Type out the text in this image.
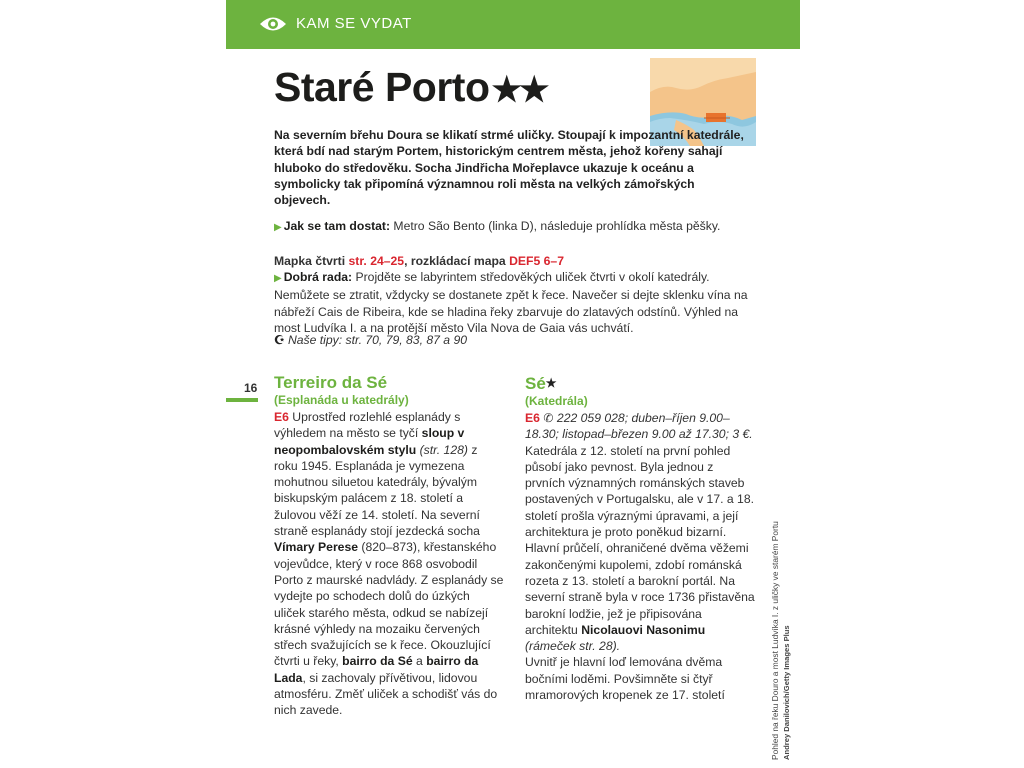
KAM SE VYDAT
Staré Porto★★
Na severním břehu Doura se klikatí strmé uličky. Stoupají k impozantní katedrále, která bdí nad starým Portem, historickým centrem města, jehož kořeny sahají hluboko do středověku. Socha Jindřicha Mořeplavce ukazuje k oceánu a symbolicky tak připomíná významnou roli města na velkých zámořských objevech.
▶ Jak se tam dostat: Metro São Bento (linka D), následuje prohlídka města pěšky.
Mapka čtvrti str. 24–25, rozkládací mapa DEF5 6–7
▶ Dobrá rada: Projděte se labyrintem středověkých uliček čtvrti v okolí katedrály. Nemůžete se ztratit, vždycky se dostanete zpět k řece. Navečer si dejte sklenku vína na nábřeží Cais de Ribeira, kde se hladina řeky zbarvuje do zlatavých odstínů. Výhled na most Ludvíka I. a na protější město Vila Nova de Gaia vás uchvátí.
☪ Naše tipy: str. 70, 79, 83, 87 a 90
16 Terreiro da Sé
(Esplanáda u katedrály)

E6 Uprostřed rozlehlé esplanády s výhledem na město se tyčí sloup v neopombalovském stylu (str. 128) z roku 1945. Esplanáda je vymezena mohutnou siluetou katedrály, bývalým biskupským palácem z 18. století a žulovou věží ze 14. století. Na severní straně esplanády stojí jezdecká socha Vímary Perese (820–873), křestanského vojevůdce, který v roce 868 osvobodil Porto z maurské nadvlády. Z esplanády se vydejte po schodech dolů do úzkých uliček starého města, odkud se nabízejí krásné výhledy na mozaiku červených střech svažujících se k řece. Okouzlující čtvrti u řeky, bairro da Sé a bairro da Lada, si zachovaly přívětivou, lidovou atmosféru. Změť uliček a schodišť vás do nich zavede.

Sé★
(Katedrála)

E6 ✆ 222 059 028; duben–říjen 9.00–18.30; listopad–březen 9.00 až 17.30; 3 €.

Katedrála z 12. století na první pohled působí jako pevnost. Byla jednou z prvních významných románských staveb postavených v Portugalsku, ale v 17. a 18. století prošla výraznými úpravami, a její architektura je proto poněkud bizarní. Hlavní průčelí, ohraničené dvěma věžemi zakončenými kupolemi, zdobí románská rozeta z 13. století a barokní portál. Na severní straně byla v roce 1736 přistavěna barokní lodžie, jež je připisována architektu Nicolauovi Nasonimu (rámeček str. 28).

Uvnitř je hlavní loď lemována dvěma bočními loděmi. Povšimněte si čtyř mramorových kropenek ze 17. století	Pohled na řeku Douro a most Ludvíka I. z uličky ve starém Portu Andrey Danilovich/Getty Images Plus
